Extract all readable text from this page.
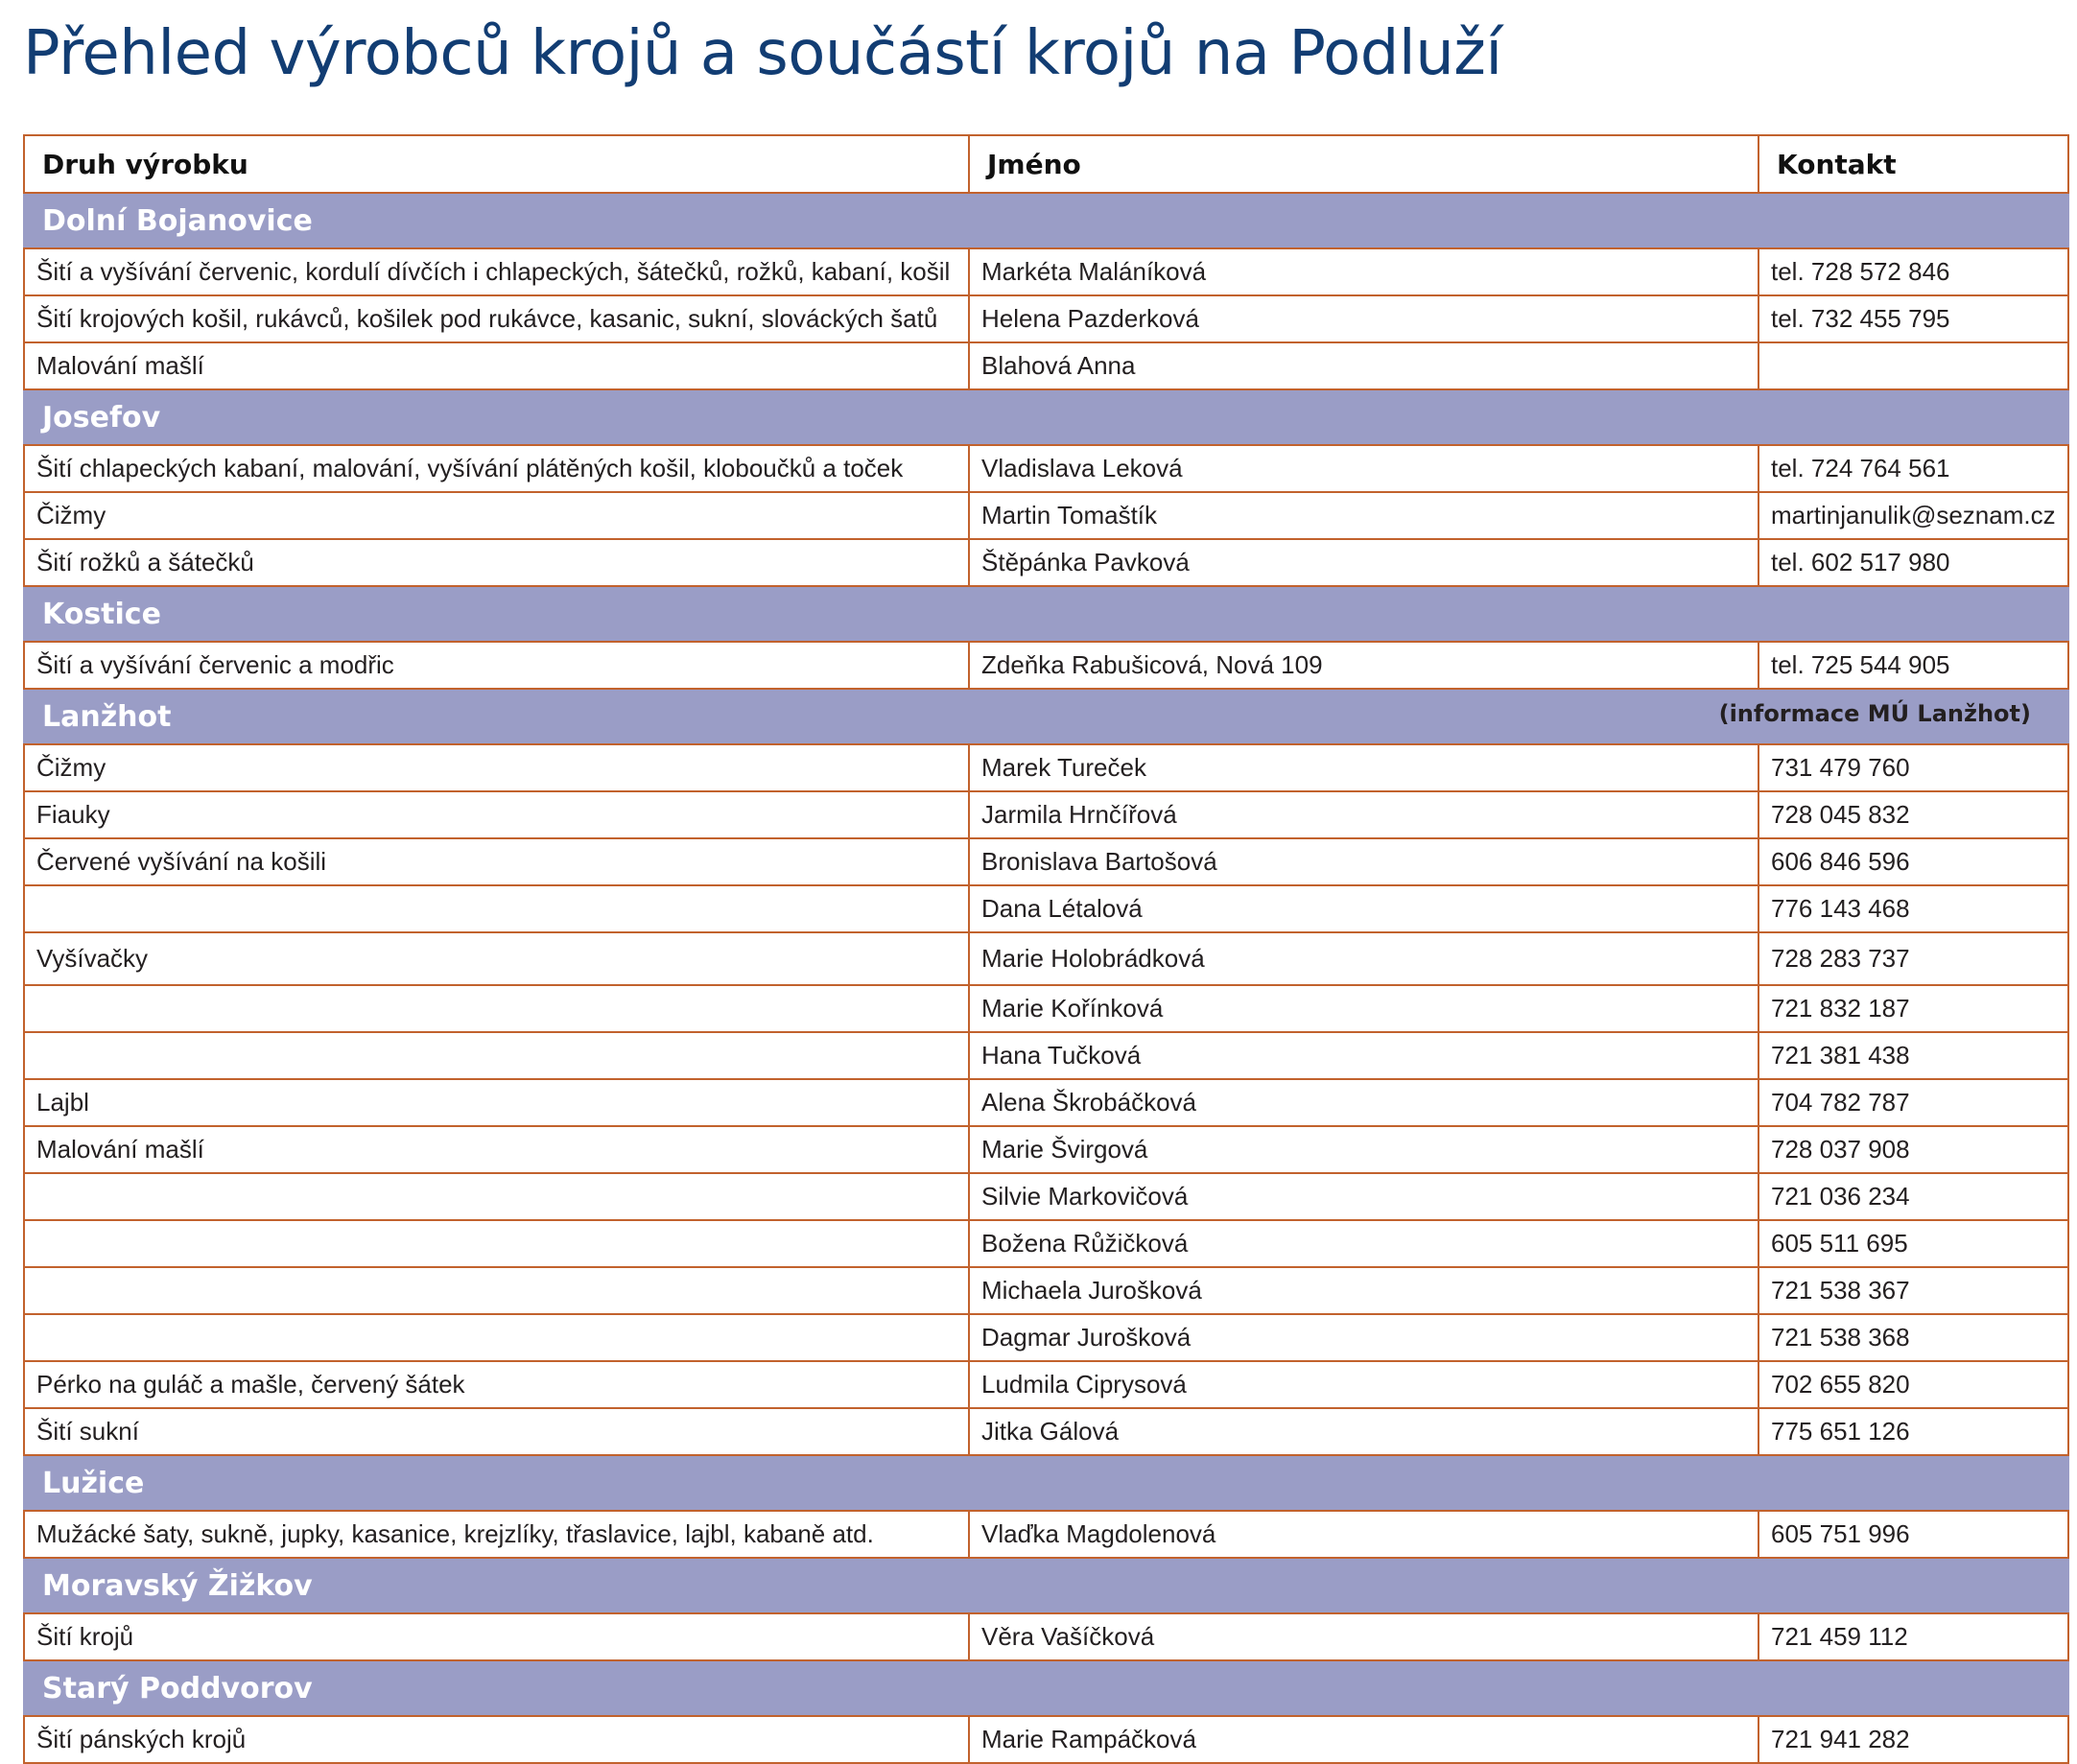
Přehled výrobců krojů a součástí krojů na Podluží
Druh výrobku	Jméno	Kontakt

Dolní Bojanovice		

Šití a vyšívání červenic, kordulí dívčích i chlapeckých, šátečků, rožků, kabaní, košil	Markéta Maláníková	tel. 728 572 846
Šití krojových košil, rukávců, košilek pod rukávce, kasanic, sukní, slováckých šatů	Helena Pazderková	tel. 732 455 795
Malování mašlí	Blahová Anna	

Josefov		

Šití chlapeckých kabaní, malování, vyšívání plátěných košil, kloboučků a toček	Vladislava Leková	tel. 724 764 561
Čižmy	Martin Tomaštík	martinjanulik@seznam.cz
Šití rožků a šátečků	Štěpánka Pavková	tel. 602 517 980

Kostice		

Šití a vyšívání červenic a modřic	Zdeňka Rabušicová, Nová 109	tel. 725 544 905

Lanžhot (informace MÚ Lanžhot)		

Čižmy	Marek Tureček	731 479 760
Fiauky	Jarmila Hrnčířová	728 045 832
Červené vyšívání na košili	Bronislava Bartošová	606 846 596
	Dana Létalová	776 143 468
Vyšívačky	Marie Holobrádková	728 283 737
	Marie Kořínková	721 832 187
	Hana Tučková	721 381 438
Lajbl	Alena Škrobáčková	704 782 787
Malování mašlí	Marie Švirgová	728 037 908
	Silvie Markovičová	721 036 234
	Božena Růžičková	605 511 695
	Michaela Jurošková	721 538 367
	Dagmar Jurošková	721 538 368
Pérko na guláč a mašle, červený šátek	Ludmila Ciprysová	702 655 820
Šití sukní	Jitka Gálová	775 651 126

Lužice		

Mužácké šaty, sukně, jupky, kasanice, krejzlíky, třaslavice, lajbl, kabaně atd.	Vlaďka Magdolenová	605 751 996

Moravský Žižkov		

Šití krojů	Věra Vašíčková	721 459 112

Starý Poddvorov		

Šití pánských krojů	Marie Rampáčková	721 941 282
